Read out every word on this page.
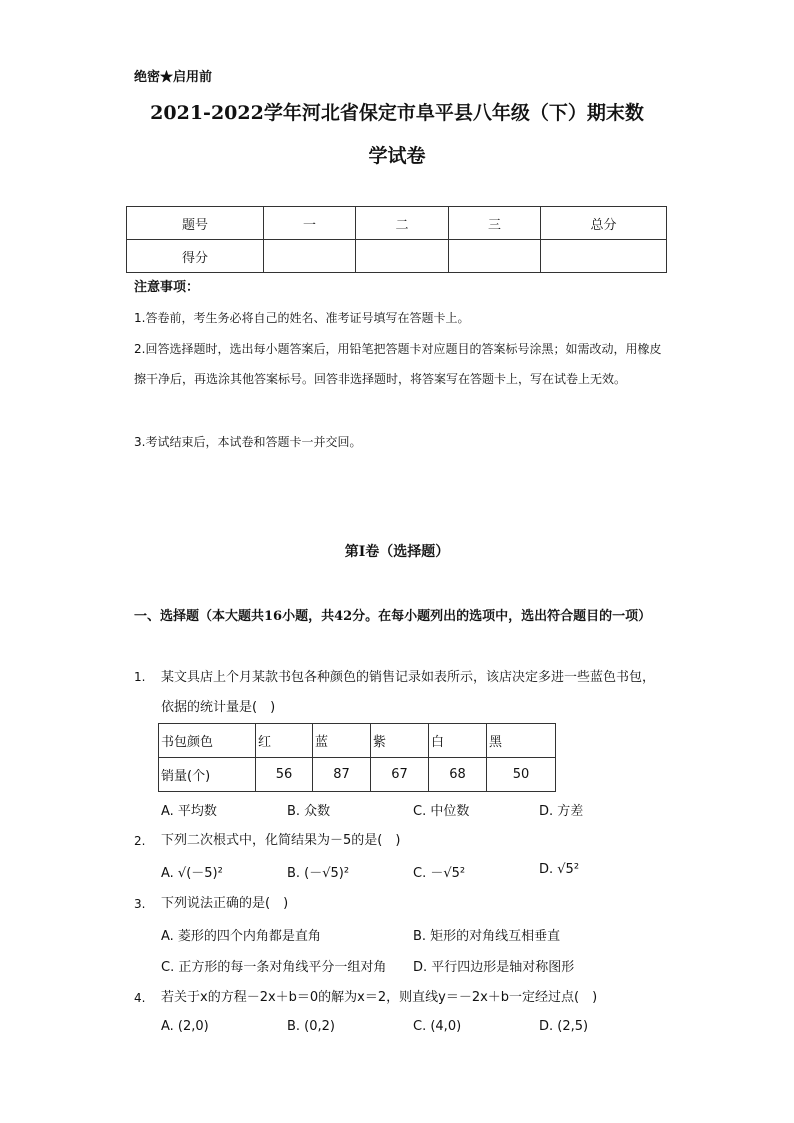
绝密★启用前
2021-2022学年河北省保定市阜平县八年级（下）期末数
学试卷
题号	一	二	三	总分
得分				
注意事项：
1.答卷前，考生务必将自己的姓名、准考证号填写在答题卡上。
2.回答选择题时，选出每小题答案后，用铅笔把答题卡对应题目的答案标号涂黑；如需改动，用橡皮擦干净后，再选涂其他答案标号。回答非选择题时，将答案写在答题卡上，写在试卷上无效。
3.考试结束后，本试卷和答题卡一并交回。
第Ⅰ卷（选择题）
一、选择题（本大题共16小题，共42分。在每小题列出的选项中，选出符合题目的一项）
1. 某文具店上个月某款书包各种颜色的销售记录如表所示，该店决定多进一些蓝色书包，依据的统计量是(　)
书包颜色	红	蓝	紫	白	黑
销量(个)	56	87	67	68	50
A. 平均数	B. 众数	C. 中位数	D. 方差
2. 下列二次根式中，化简结果为－5的是(　)
A. √(－5)²	B. (－√5)²	C. －√5²	D. √5²
3. 下列说法正确的是(　)
A. 菱形的四个内角都是直角	B. 矩形的对角线互相垂直
C. 正方形的每一条对角线平分一组对角 D. 平行四边形是轴对称图形
4. 若关于x的方程－2x＋b＝0的解为x＝2，则直线y＝－2x＋b一定经过点(　)
A. (2,0)	B. (0,2)	C. (4,0)	D. (2,5)
